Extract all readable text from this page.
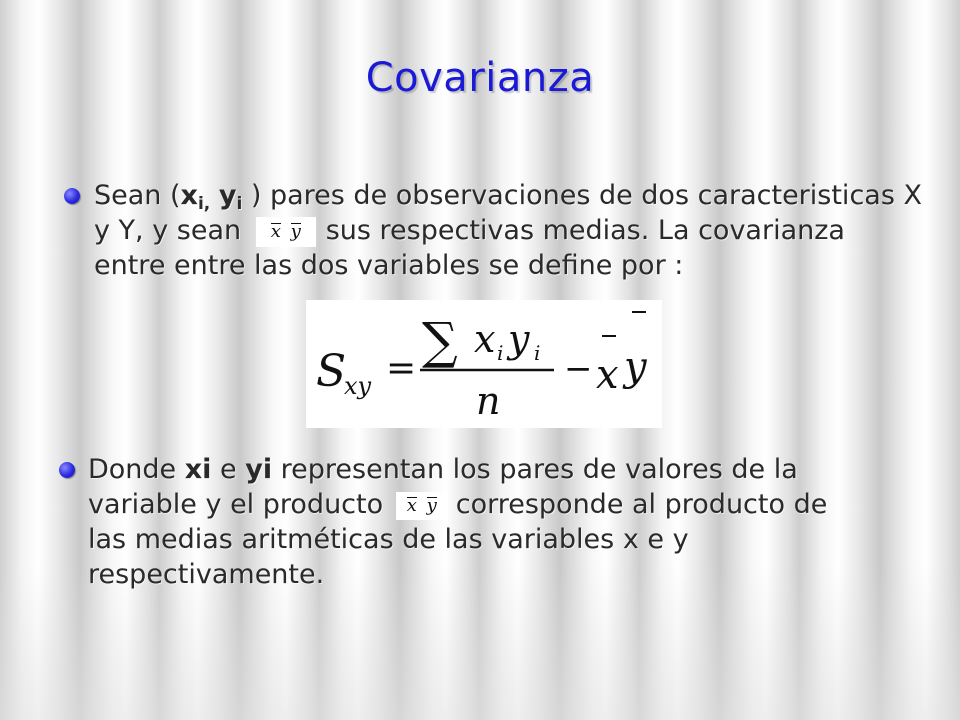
Covarianza
Sean ($x_{i,}$ $y_i$ ) pares de observaciones de dos caracteristicas X y Y, y sean x y sus respectivas medias. La covarianza entre entre las dos variables se define por :
S
xy = ∑ x i y i
n
− x y
Donde xi e yi representan los pares de valores de la variable y el producto x y corresponde al producto de las medias aritméticas de las variables x e y respectivamente.
